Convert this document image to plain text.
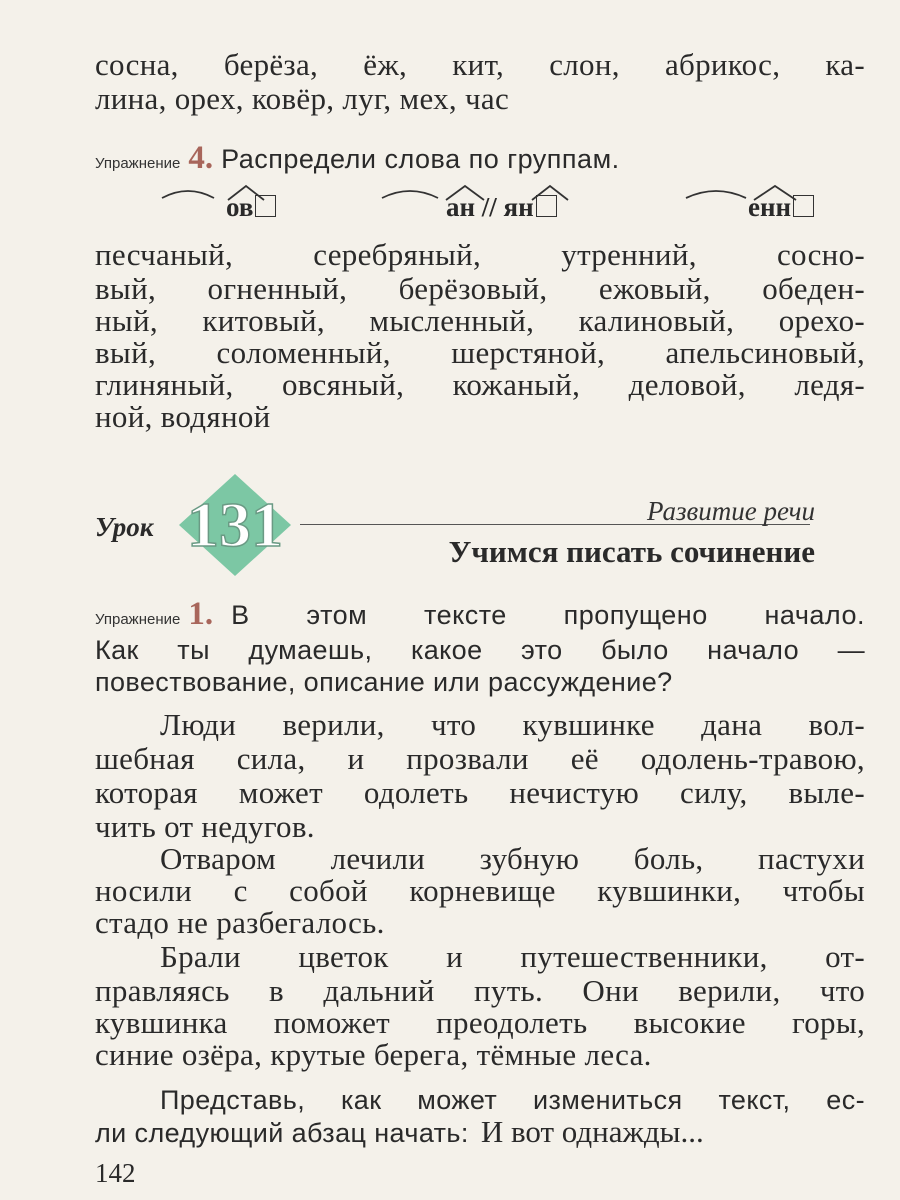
сосна, берёза, ёж, кит, слон, абрикос, ка-
лина, орех, ковёр, луг, мех, час
Упражнение 4. Распредели слова по группам.
ов	ан // ян	енн
песчаный, серебряный, утренний, сосно-
вый, огненный, берёзовый, ежовый, обеден-
ный, китовый, мысленный, калиновый, орехо-
вый, соломенный, шерстяной, апельсиновый,
глиняный, овсяный, кожаный, деловой, ледя-
ной, водяной
Урок 131	Развитие речи
Учимся писать сочинение
Упражнение 1. В этом тексте пропущено начало.
Как ты думаешь, какое это было начало —
повествование, описание или рассуждение?
Люди верили, что кувшинке дана вол-
шебная сила, и прозвали её одолень-травою,
которая может одолеть нечистую силу, выле-
чить от недугов.
Отваром лечили зубную боль, пастухи
носили с собой корневище кувшинки, чтобы
стадо не разбегалось.
Брали цветок и путешественники, от-
правляясь в дальний путь. Они верили, что
кувшинка поможет преодолеть высокие горы,
синие озёра, крутые берега, тёмные леса.
Представь, как может измениться текст, ес-
ли следующий абзац начать: И вот однажды...
142
